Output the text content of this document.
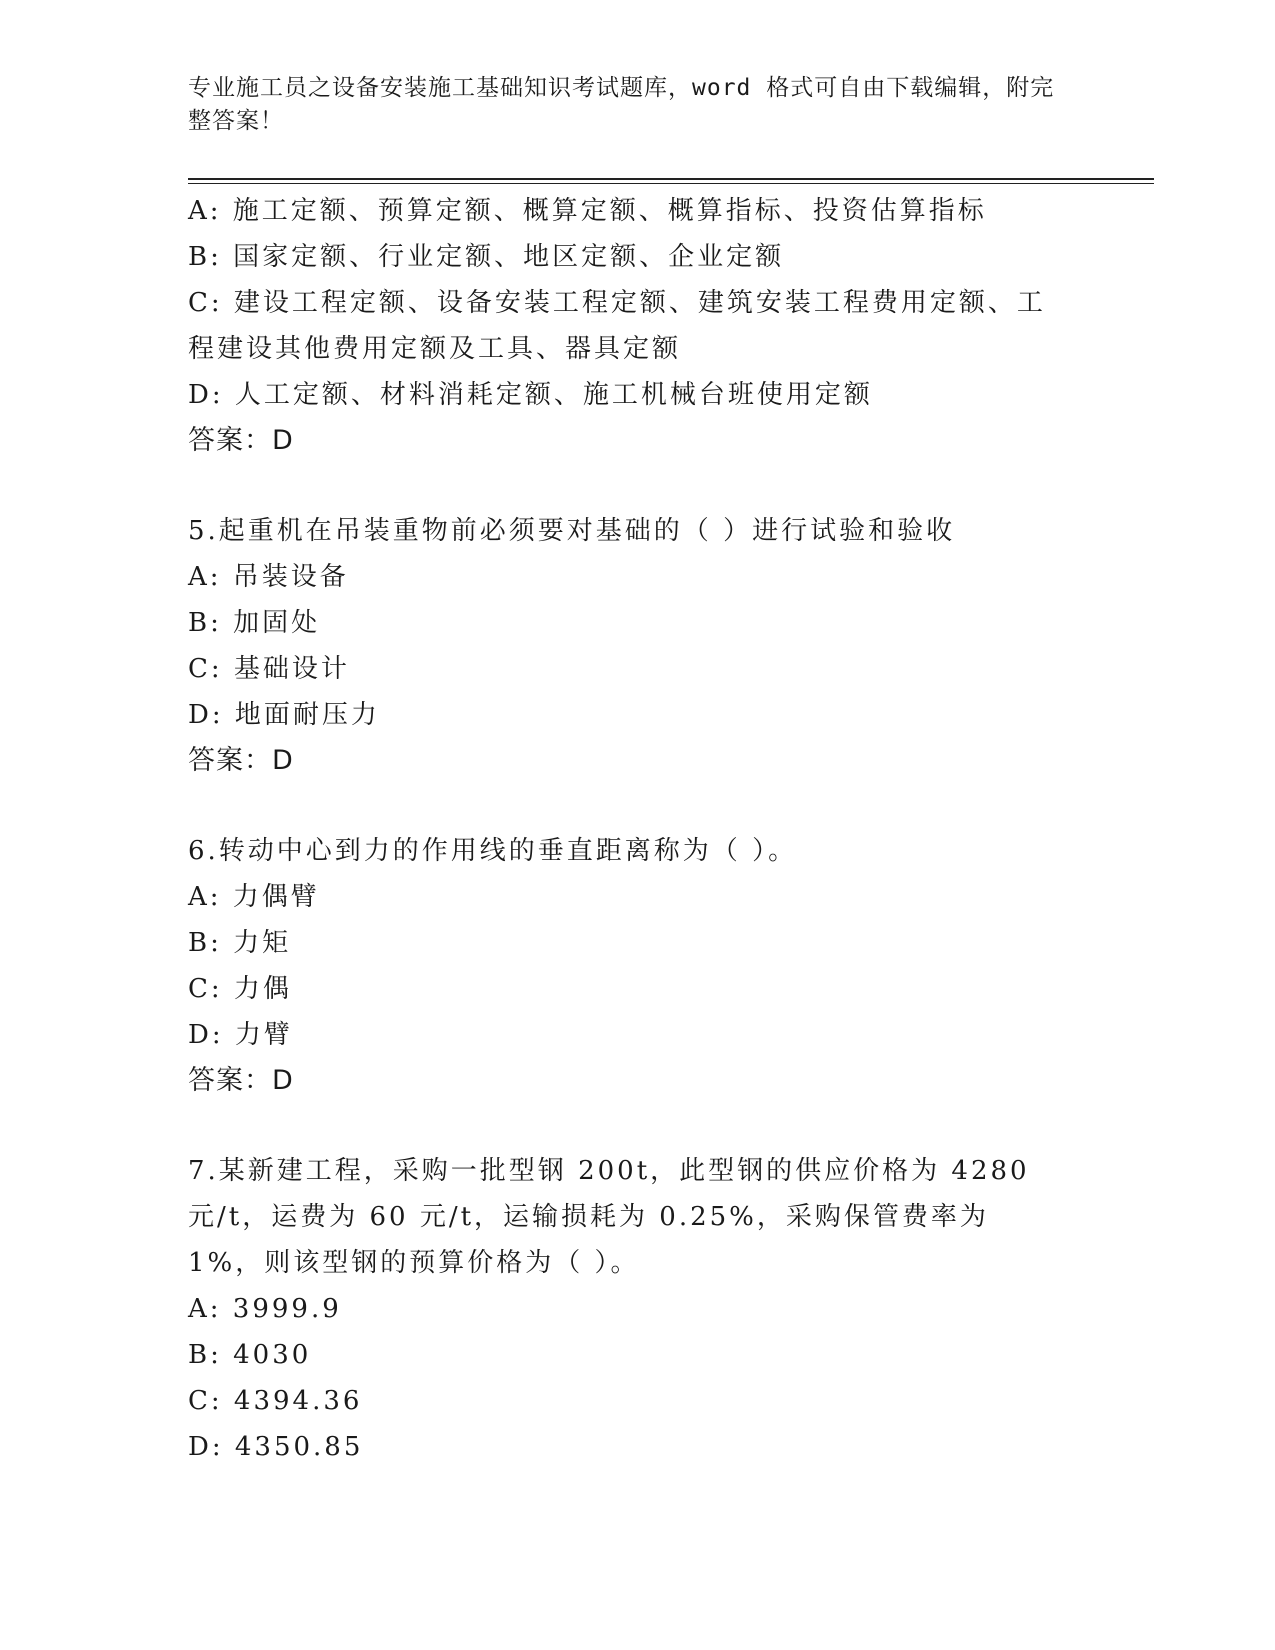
专业施工员之设备安装施工基础知识考试题库，word 格式可自由下载编辑，附完整答案！
A: 施工定额、预算定额、概算定额、概算指标、投资估算指标
B: 国家定额、行业定额、地区定额、企业定额
C: 建设工程定额、设备安装工程定额、建筑安装工程费用定额、工程建设其他费用定额及工具、器具定额
D: 人工定额、材料消耗定额、施工机械台班使用定额
答案：D
5.起重机在吊装重物前必须要对基础的（ ）进行试验和验收
A: 吊装设备
B: 加固处
C: 基础设计
D: 地面耐压力
答案：D
6.转动中心到力的作用线的垂直距离称为（ ）。
A: 力偶臂
B: 力矩
C: 力偶
D: 力臂
答案：D
7.某新建工程，采购一批型钢 200t，此型钢的供应价格为 4280 元/t，运费为 60 元/t，运输损耗为 0.25%，采购保管费率为 1%，则该型钢的预算价格为（ ）。
A: 3999.9
B: 4030
C: 4394.36
D: 4350.85
